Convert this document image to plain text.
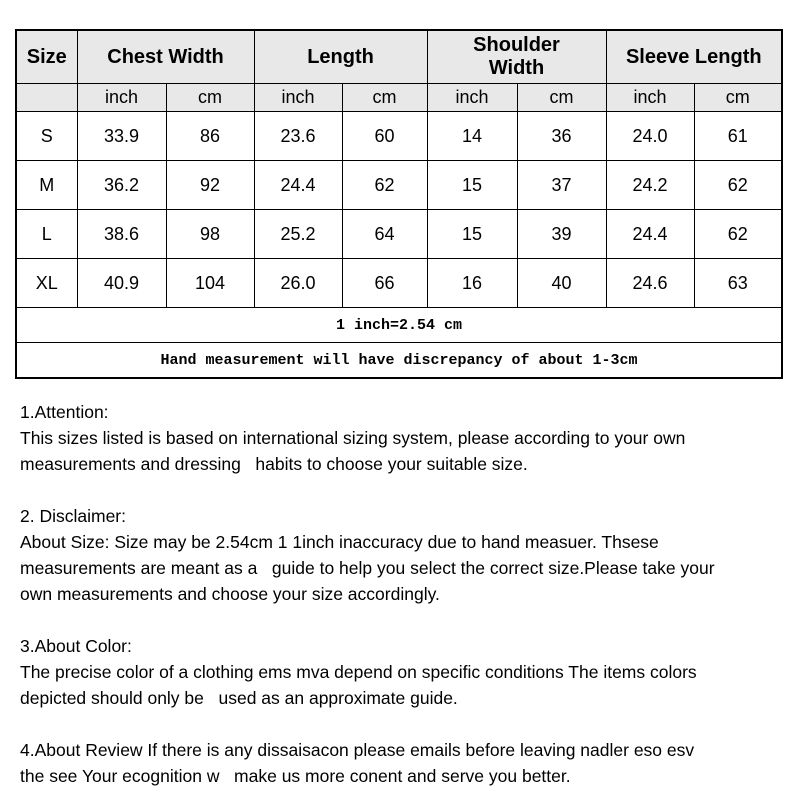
Size	Chest Width		Length		Shoulder Width		Sleeve Length	
	inch	cm	inch	cm	inch	cm	inch	cm
S	33.9	86	23.6	60	14	36	24.0	61
M	36.2	92	24.4	62	15	37	24.2	62
L	38.6	98	25.2	64	15	39	24.4	62
XL	40.9	104	26.0	66	16	40	24.6	63
1 inch=2.54 cm								
Hand measurement will have discrepancy of about 1-3cm								
1.Attention:
This sizes listed is based on international sizing system, please according to your own
measurements and dressing   habits to choose your suitable size.
2. Disclaimer:
About Size: Size may be 2.54cm 1 1inch inaccuracy due to hand measuer. Thsese
measurements are meant as a   guide to help you select the correct size.Please take your
own measurements and choose your size accordingly.
3.About Color:
The precise color of a clothing ems mva depend on specific conditions The items colors
depicted should only be   used as an approximate guide.
4.About Review If there is any dissaisacon please emails before leaving nadler eso esv
the see Your ecognition w   make us more conent and serve you better.
